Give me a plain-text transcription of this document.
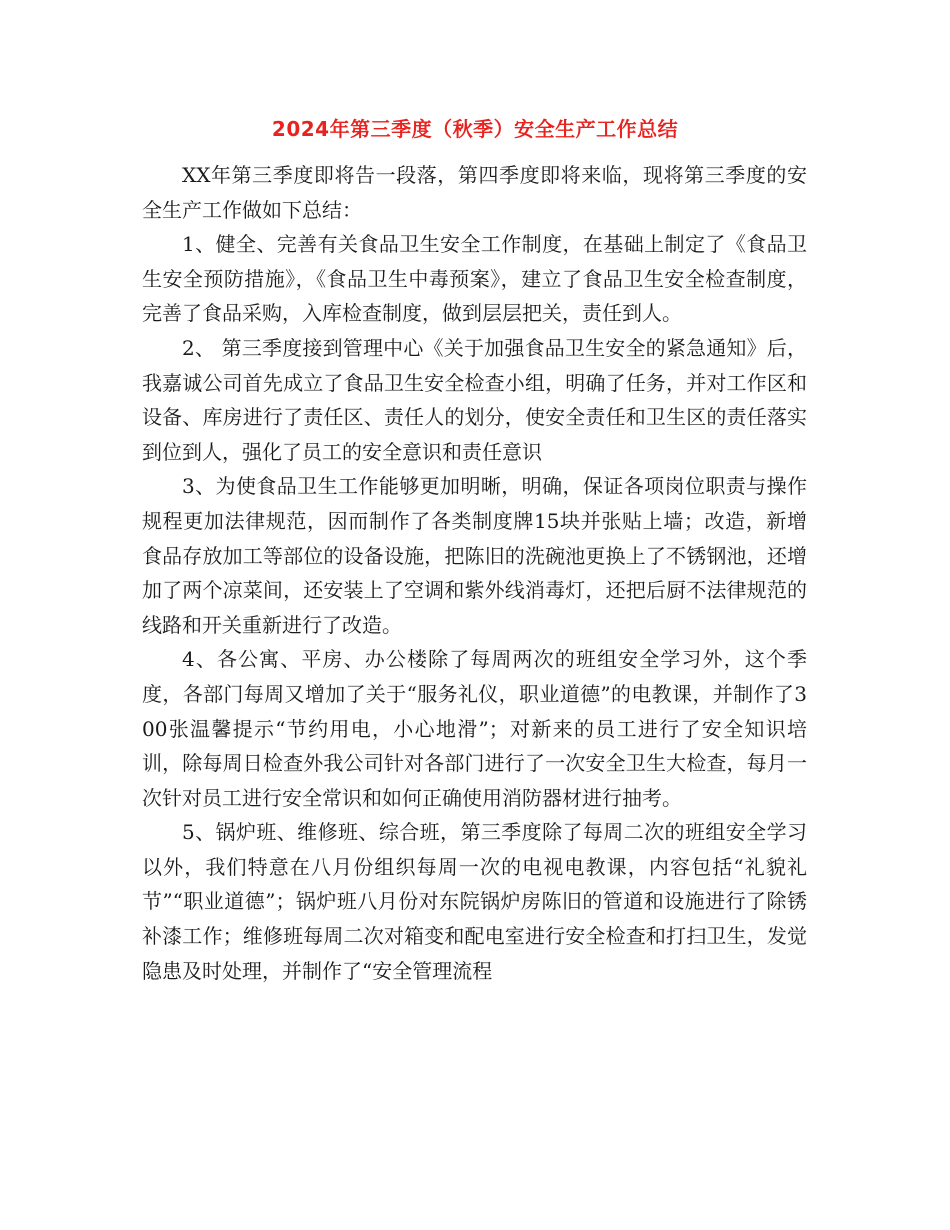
2024年第三季度（秋季）安全生产工作总结

XX年第三季度即将告一段落，第四季度即将来临，现将第三季度的安全生产工作做如下总结：

1、健全、完善有关食品卫生安全工作制度，在基础上制定了《食品卫生安全预防措施》，《食品卫生中毒预案》，建立了食品卫生安全检查制度，完善了食品采购，入库检查制度，做到层层把关，责任到人。

2、 第三季度接到管理中心《关于加强食品卫生安全的紧急通知》后，我嘉诚公司首先成立了食品卫生安全检查小组，明确了任务，并对工作区和设备、库房进行了责任区、责任人的划分，使安全责任和卫生区的责任落实到位到人，强化了员工的安全意识和责任意识

3、为使食品卫生工作能够更加明晰，明确，保证各项岗位职责与操作规程更加法律规范，因而制作了各类制度牌15块并张贴上墙；改造，新增食品存放加工等部位的设备设施，把陈旧的洗碗池更换上了不锈钢池，还增加了两个凉菜间，还安装上了空调和紫外线消毒灯，还把后厨不法律规范的线路和开关重新进行了改造。

4、各公寓、平房、办公楼除了每周两次的班组安全学习外，这个季度，各部门每周又增加了关于“服务礼仪，职业道德”的电教课，并制作了300张温馨提示“节约用电，小心地滑”；对新来的员工进行了安全知识培训，除每周日检查外我公司针对各部门进行了一次安全卫生大检查，每月一次针对员工进行安全常识和如何正确使用消防器材进行抽考。

5、锅炉班、维修班、综合班，第三季度除了每周二次的班组安全学习以外，我们特意在八月份组织每周一次的电视电教课，内容包括“礼貌礼节”“职业道德”；锅炉班八月份对东院锅炉房陈旧的管道和设施进行了除锈补漆工作；维修班每周二次对箱变和配电室进行安全检查和打扫卫生，发觉隐患及时处理，并制作了“安全管理流程
